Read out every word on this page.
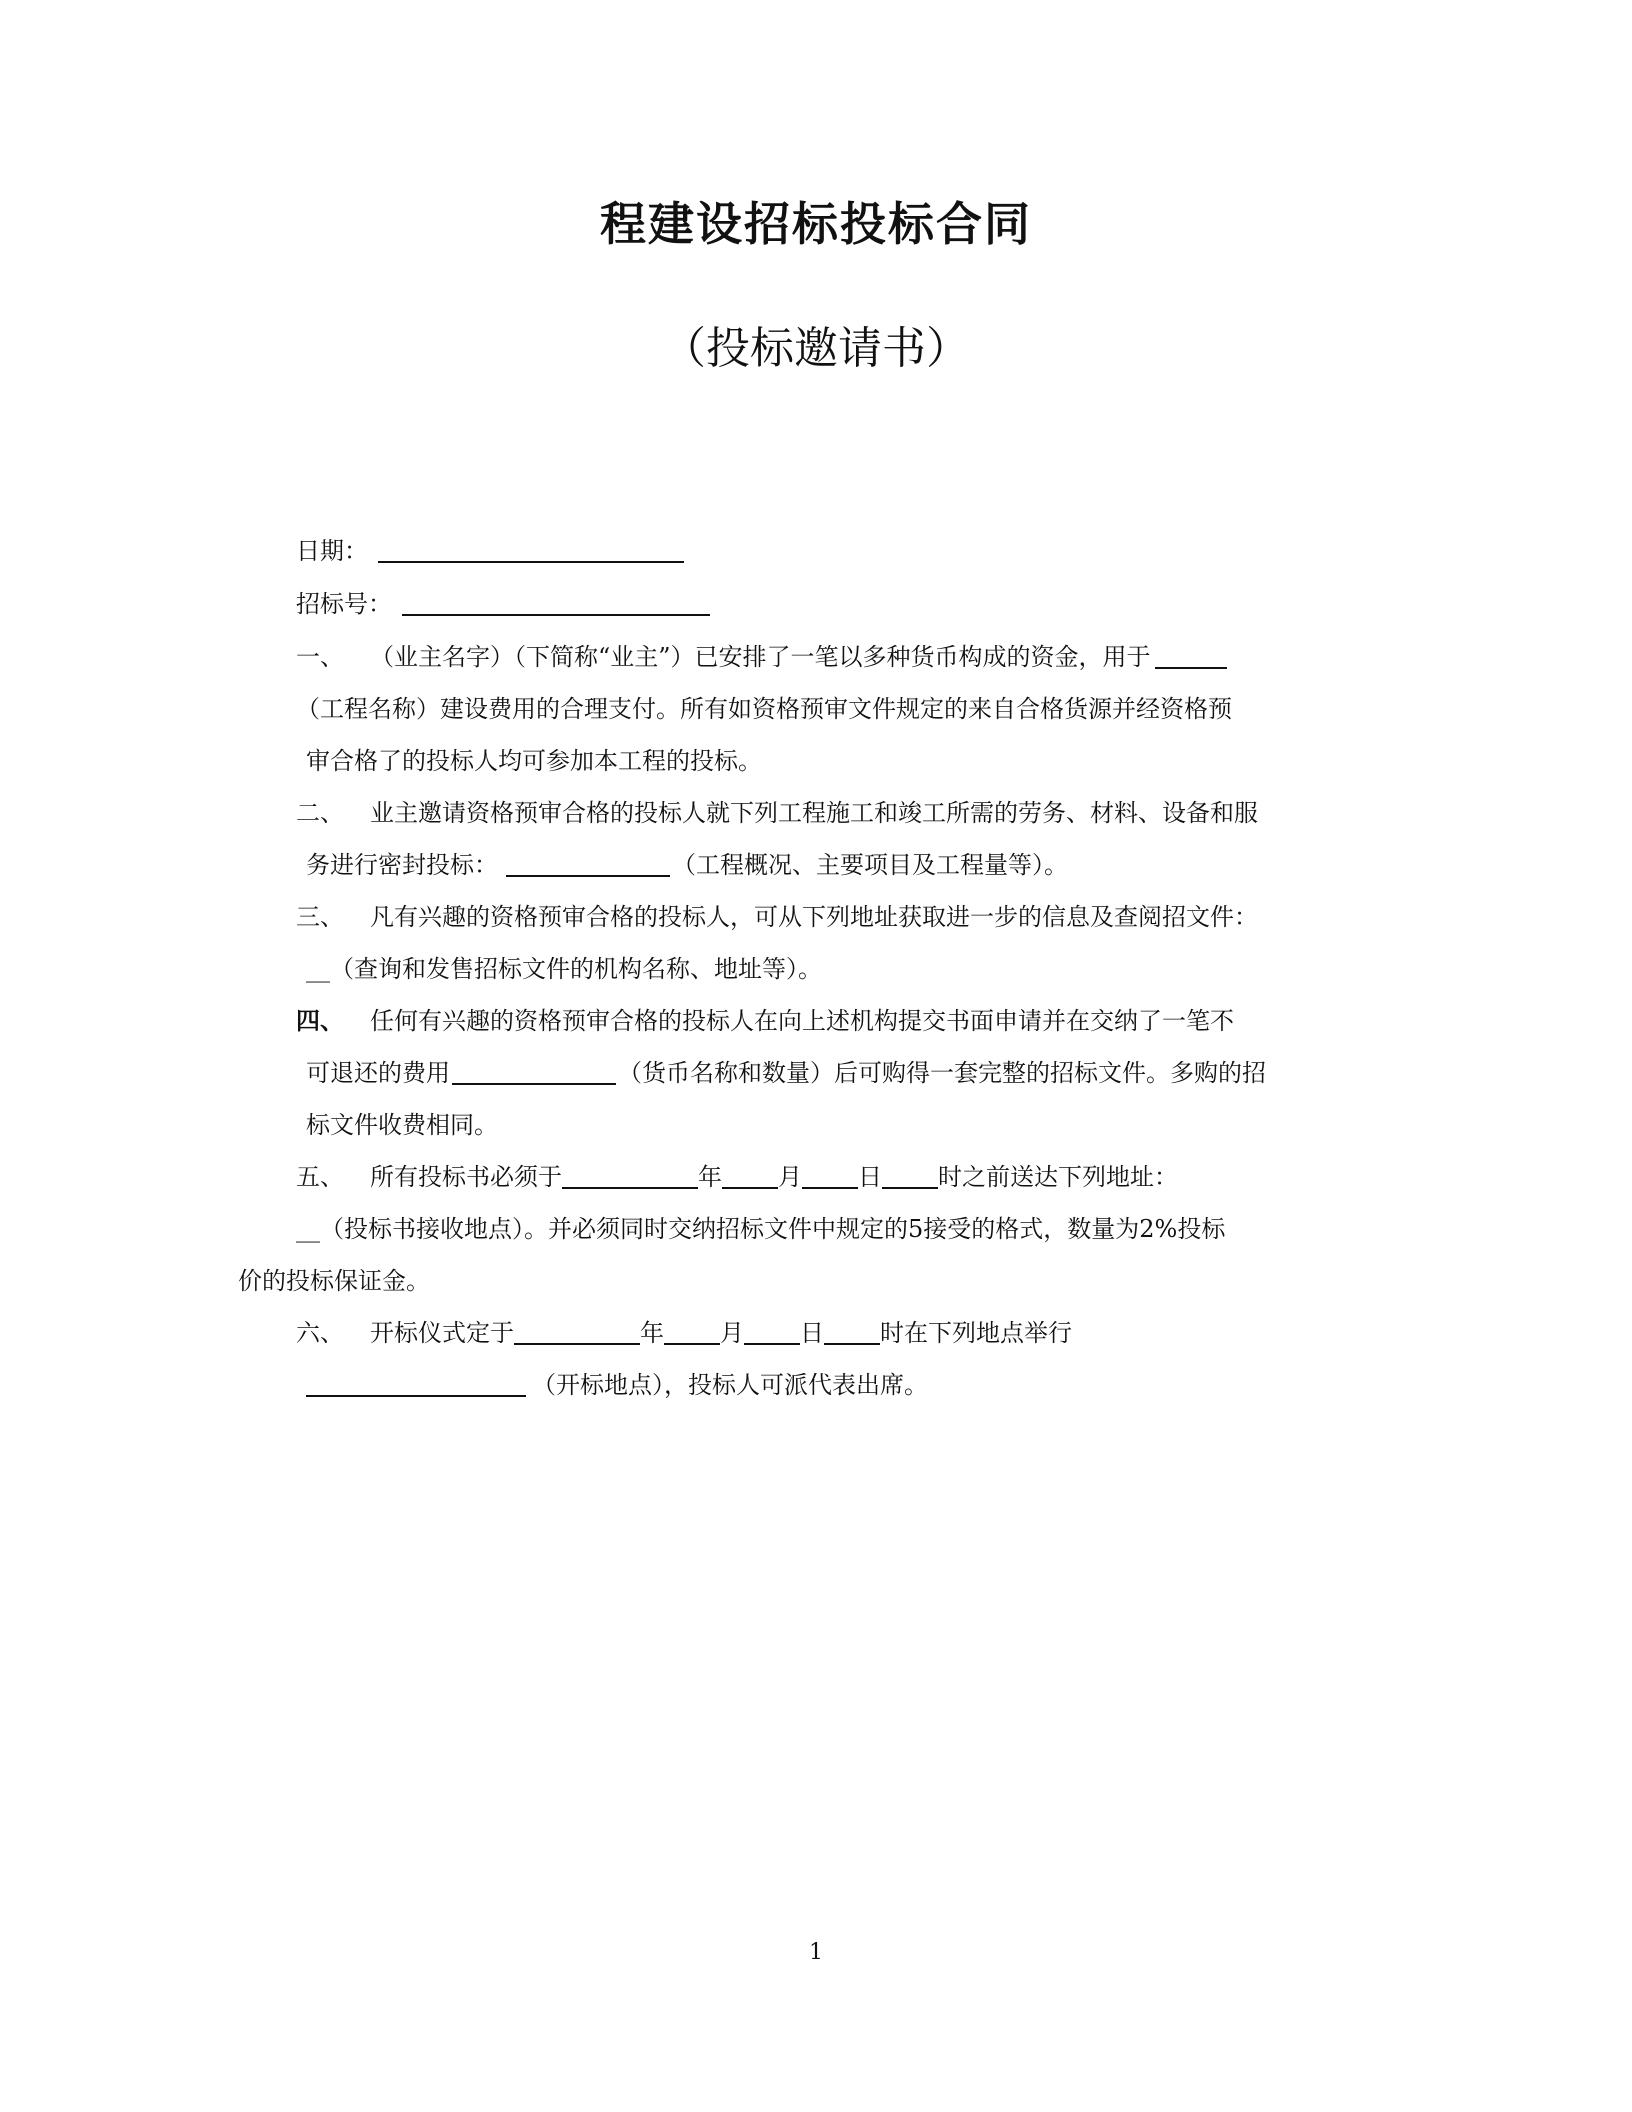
程建设招标投标合同
（投标邀请书）
日期：
招标号：
一、 （业主名字）（下简称“业主”）已安排了一笔以多种货币构成的资金，用于
（工程名称）建设费用的合理支付。所有如资格预审文件规定的来自合格货源并经资格预
审合格了的投标人均可参加本工程的投标。
二、 业主邀请资格预审合格的投标人就下列工程施工和竣工所需的劳务、材料、设备和服
务进行密封投标：	（工程概况、主要项目及工程量等）。
三、 凡有兴趣的资格预审合格的投标人，可从下列地址获取进一步的信息及查阅招文件：
__（查询和发售招标文件的机构名称、地址等）。
四、 任何有兴趣的资格预审合格的投标人在向上述机构提交书面申请并在交纳了一笔不
可退还的费用	（货币名称和数量）后可购得一套完整的招标文件。多购的招
标文件收费相同。
五、 所有投标书必须于	年 月 日 时之前送达下列地址：
__（投标书接收地点）。并必须同时交纳招标文件中规定的5接受的格式，数量为2%投标
价的投标保证金。
六、 开标仪式定于	年 月 日 时在下列地点举行
（开标地点），投标人可派代表出席。
1
